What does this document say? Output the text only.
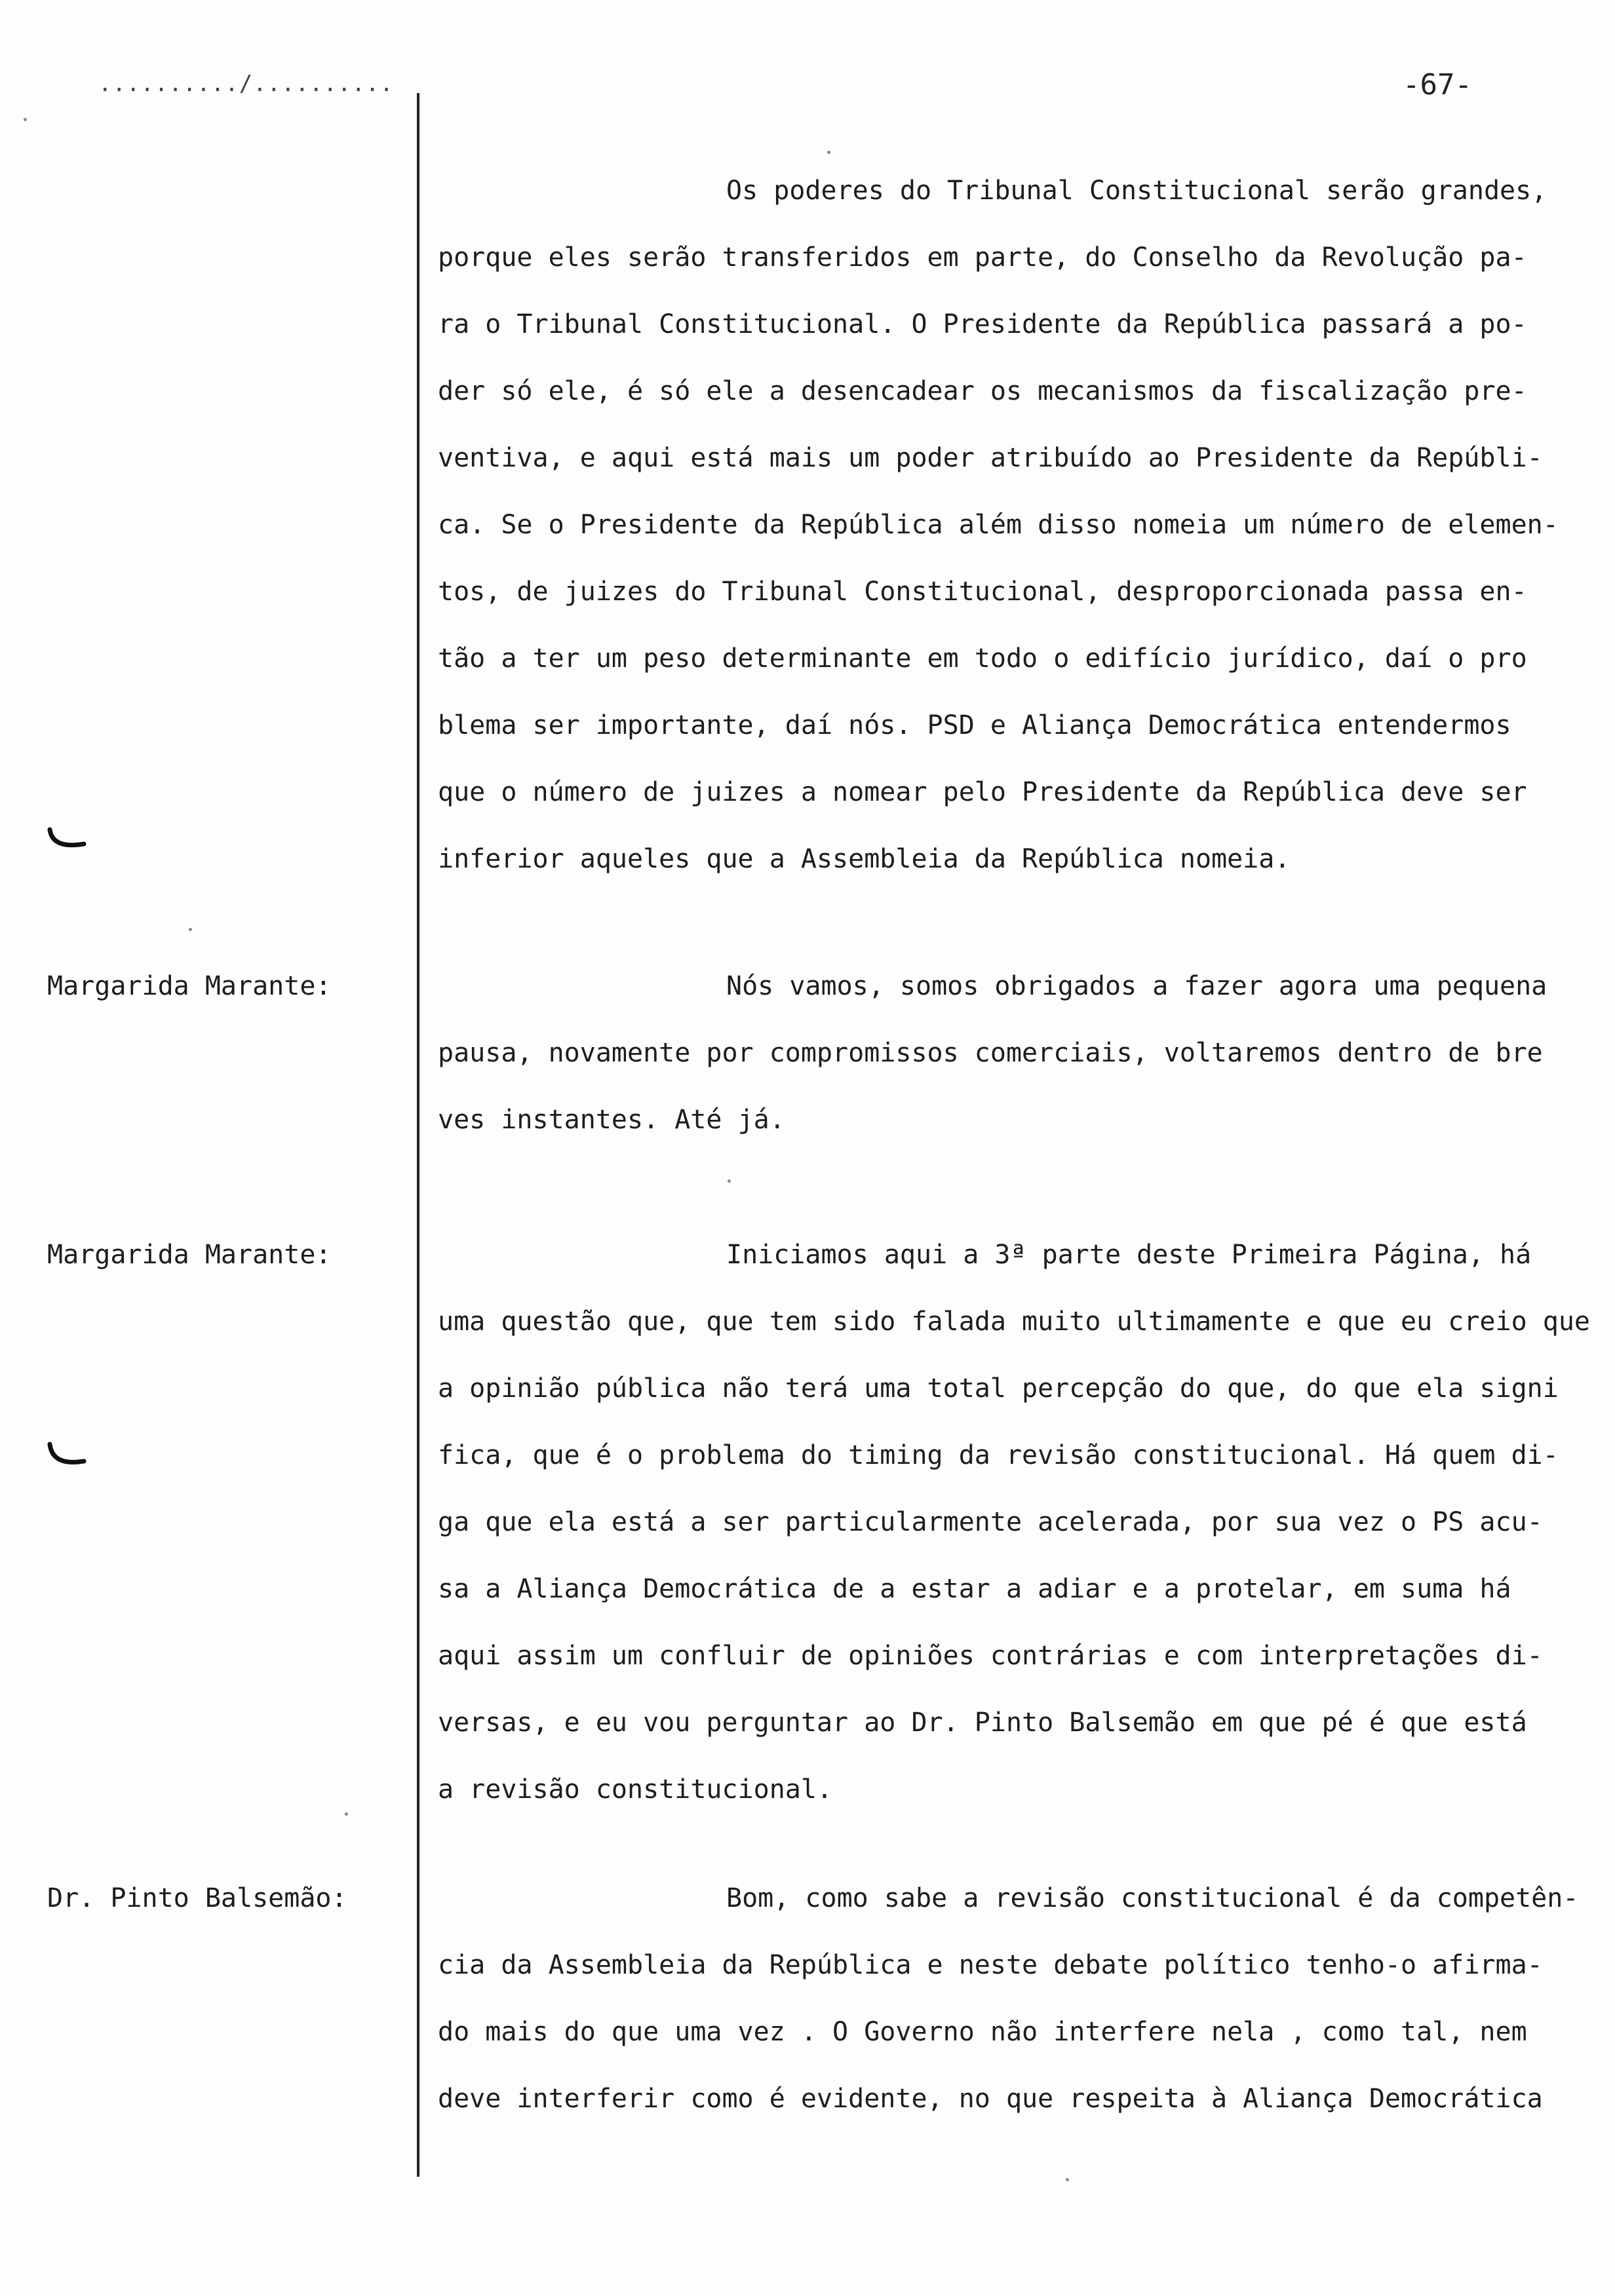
........../..........	-67-
Os poderes do Tribunal Constitucional serão grandes,
porque eles serão transferidos em parte, do Conselho da Revolução pa-
ra o Tribunal Constitucional. O Presidente da República passará a po-
der só ele, é só ele a desencadear os mecanismos da fiscalização pre-
ventiva, e aqui está mais um poder atribuído ao Presidente da Repúbli-
ca. Se o Presidente da República além disso nomeia um número de elemen-
tos, de juizes do Tribunal Constitucional, desproporcionada passa en-
tão a ter um peso determinante em todo o edifício jurídico, daí o pro
blema ser importante, daí nós. PSD e Aliança Democrática entendermos
que o número de juizes a nomear pelo Presidente da República deve ser
inferior aqueles que a Assembleia da República nomeia.
Margarida Marante:	Nós vamos, somos obrigados a fazer agora uma pequena
pausa, novamente por compromissos comerciais, voltaremos dentro de bre
ves instantes. Até já.
Margarida Marante:	Iniciamos aqui a 3ª parte deste Primeira Página, há
uma questão que, que tem sido falada muito ultimamente e que eu creio que
a opinião pública não terá uma total percepção do que, do que ela signi
fica, que é o problema do timing da revisão constitucional. Há quem di-
ga que ela está a ser particularmente acelerada, por sua vez o PS acu-
sa a Aliança Democrática de a estar a adiar e a protelar, em suma há
aqui assim um confluir de opiniões contrárias e com interpretações di-
versas, e eu vou perguntar ao Dr. Pinto Balsemão em que pé é que está
a revisão constitucional.
Dr. Pinto Balsemão:	Bom, como sabe a revisão constitucional é da competên-
cia da Assembleia da República e neste debate político tenho-o afirma-
do mais do que uma vez . O Governo não interfere nela , como tal, nem
deve interferir como é evidente, no que respeita à Aliança Democrática
